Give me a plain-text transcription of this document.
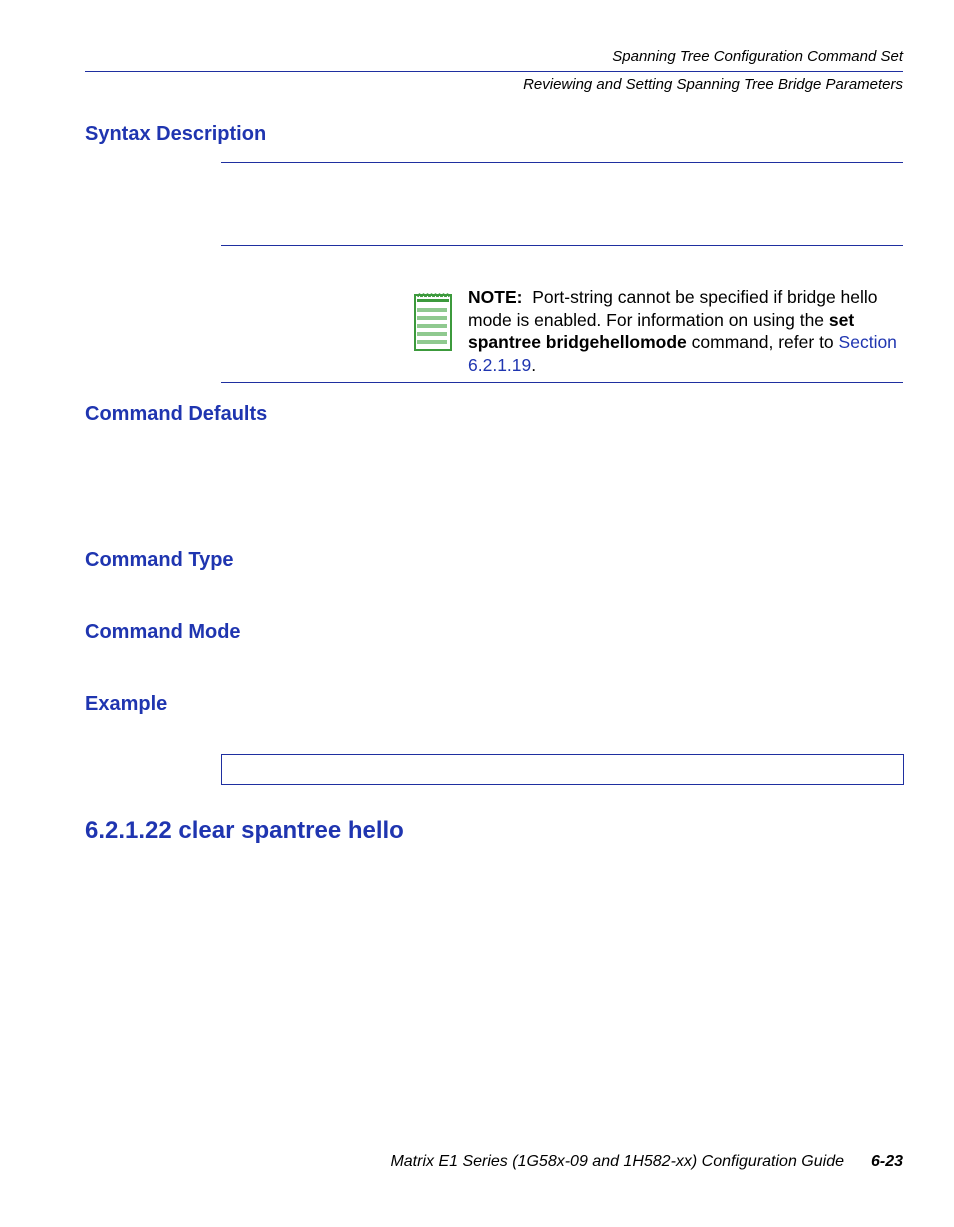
Spanning Tree Configuration Command Set
Reviewing and Setting Spanning Tree Bridge Parameters
Syntax Description
NOTE: Port-string cannot be specified if bridge hello mode is enabled. For information on using the set spantree bridgehellomode command, refer to Section 6.2.1.19.
Command Defaults
Command Type
Command Mode
Example
6.2.1.22 clear spantree hello
Matrix E1 Series (1G58x-09 and 1H582-xx) Configuration Guide 6-23
